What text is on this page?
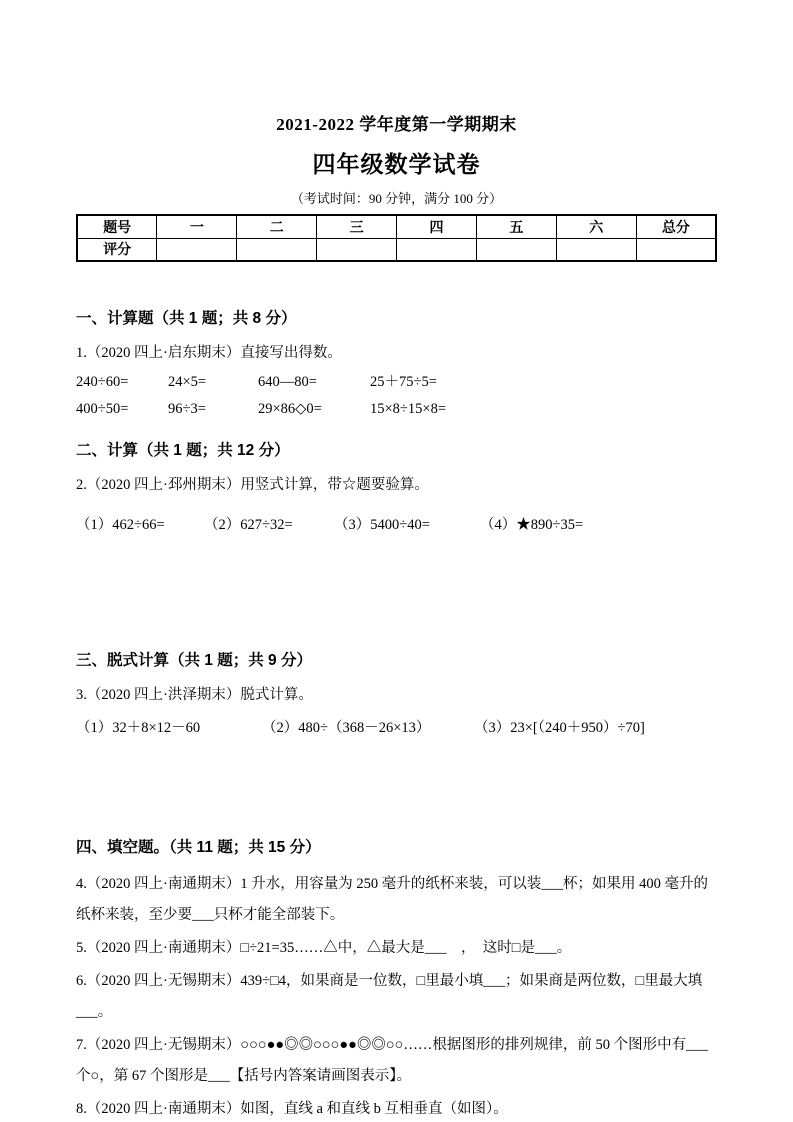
2021-2022 学年度第一学期期末
四年级数学试卷
（考试时间：90 分钟，满分 100 分）
题号	一	二	三	四	五	六	总分
评分							
一、计算题（共 1 题；共 8 分）
1.（2020 四上·启东期末）直接写出得数。
240÷60=	24×5=	640—80=	25＋75÷5=
400÷50=	96÷3=	29×86◇0=	15×8÷15×8=
二、计算（共 1 题；共 12 分）
2.（2020 四上·邳州期末）用竖式计算，带☆题要验算。
（1）462÷66=	（2）627÷32=	（3）5400÷40=	（4）★890÷35=
三、脱式计算（共 1 题；共 9 分）
3.（2020 四上·洪泽期末）脱式计算。
（1）32＋8×12－60	（2）480÷（368－26×13）	（3）23×[（240＋950）÷70]
四、填空题。（共 11 题；共 15 分）
4.（2020 四上·南通期末）1 升水，用容量为 250 毫升的纸杯来装，可以装___杯；如果用 400 毫升的纸杯来装，至少要___只杯才能全部装下。
5.（2020 四上·南通期末）□÷21=35……△中，△最大是___　，　这时□是___。
6.（2020 四上·无锡期末）439÷□4，如果商是一位数，□里最小填___；如果商是两位数，□里最大填___。
7.（2020 四上·无锡期末）○○○●●◎◎○○○●●◎◎○○……根据图形的排列规律，前 50 个图形中有___个○，第 67 个图形是___【括号内答案请画图表示】。
8.（2020 四上·南通期末）如图，直线 a 和直线 b 互相垂直（如图）。
